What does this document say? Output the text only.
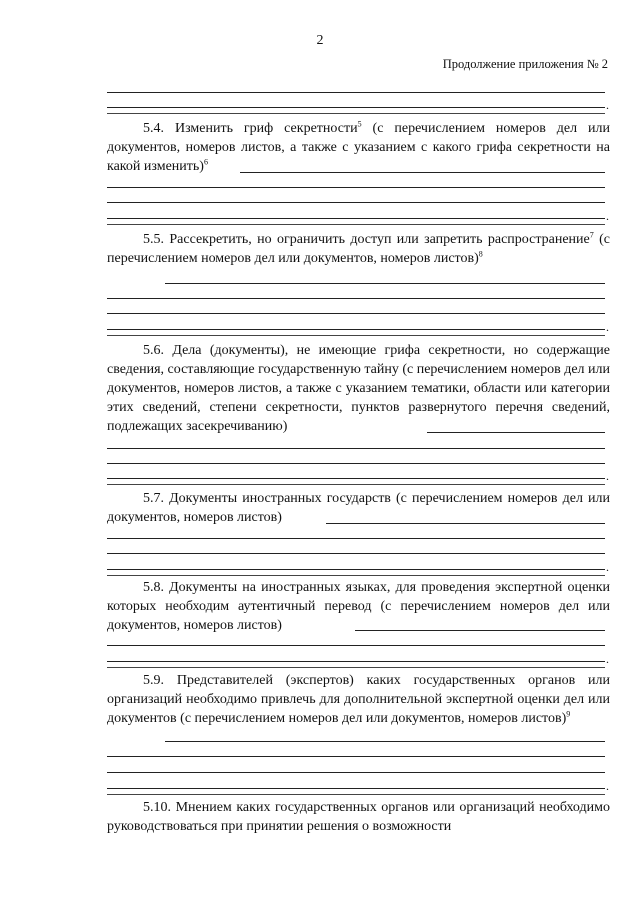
2
Продолжение приложения № 2
.

5.4. Изменить гриф секретности$^5$ (с перечислением номеров дел или документов, номеров листов, а также с указанием с какого грифа секретности на какой изменить)$^6$

.

5.5. Рассекретить, но ограничить доступ или запретить распространение$^7$ (с перечислением номеров дел или документов, номеров листов)$^8$

.

5.6. Дела (документы), не имеющие грифа секретности, но содержащие сведения, составляющие государственную тайну (с перечислением номеров дел или документов, номеров листов, а также с указанием тематики, области или категории этих сведений, степени секретности, пунктов развернутого перечня сведений, подлежащих засекречиванию)

.

5.7. Документы иностранных государств (с перечислением номеров дел или документов, номеров листов)

.

5.8. Документы на иностранных языках, для проведения экспертной оценки которых необходим аутентичный перевод (с перечислением номеров дел или документов, номеров листов)

.

5.9. Представителей (экспертов) каких государственных органов или организаций необходимо привлечь для дополнительной экспертной оценки дел или документов (с перечислением номеров дел или документов, номеров листов)$^9$

.

5.10. Мнением каких государственных органов или организаций необходимо руководствоваться при принятии решения о возможности
